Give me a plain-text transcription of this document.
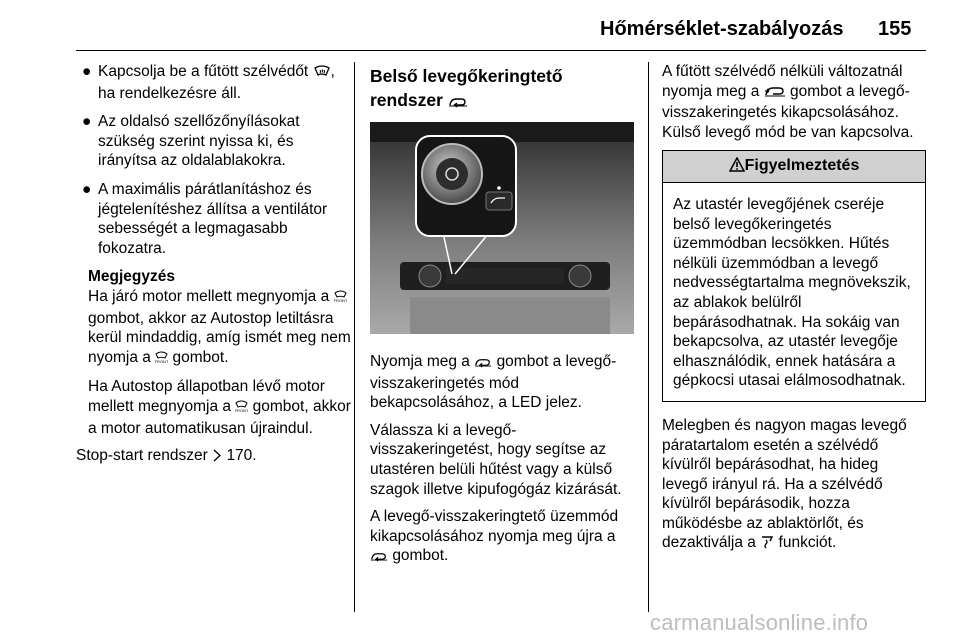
Hőmérséklet-szabályozás 155
● Kapcsolja be a fűtött szélvédőt , ha rendelkezésre áll.
● Az oldalsó szellőzőnyílásokat szükség szerint nyissa ki, és irányítsa az oldalablakokra.
● A maximális párátlanításhoz és jégtelenítéshez állítsa a ventilátor sebességét a legmagasabb fokozatra.
Megjegyzés

Ha járó motor mellett megnyomja a FRONT
gombot, akkor az Autostop letiltásra kerül mindaddig, amíg ismét meg nem nyomja a FRONT gombot.

Ha Autostop állapotban lévő motor mellett megnyomja a FRONT gombot, akkor a motor automatikusan újraindul.

Stop-start rendszer 170.
Belső levegőkeringtető
rendszer

Nyomja meg a gombot a levegő-visszakeringetés mód bekapcsolásához, a LED jelez.

Válassza ki a levegő-visszakeringetést, hogy segítse az utastéren belüli hűtést vagy a külső szagok illetve kipufogógáz kizárását.

A levegő-visszakeringtető üzemmód kikapcsolásához nyomja meg újra a
gombot.

A fűtött szélvédő nélküli változatnál nyomja meg a gombot a levegő-visszakeringetés kikapcsolásához. Külső levegő mód be van kapcsolva.

Figyelmeztetés

Az utastér levegőjének cseréje belső levegőkeringetés üzemmódban lecsökken. Hűtés nélküli üzemmódban a levegő nedvességtartalma megnövekszik, az ablakok belülről bepárásodhatnak. Ha sokáig van bekapcsolva, az utastér levegője elhasználódik, ennek hatására a gépkocsi utasai elálmosodhatnak.

Melegben és nagyon magas levegő páratartalom esetén a szélvédő kívülről bepárásodhat, ha hideg levegő irányul rá. Ha a szélvédő kívülről bepárásodik, hozza működésbe az ablaktörlőt, és dezaktiválja a funkciót.

carmanualsonline.info
